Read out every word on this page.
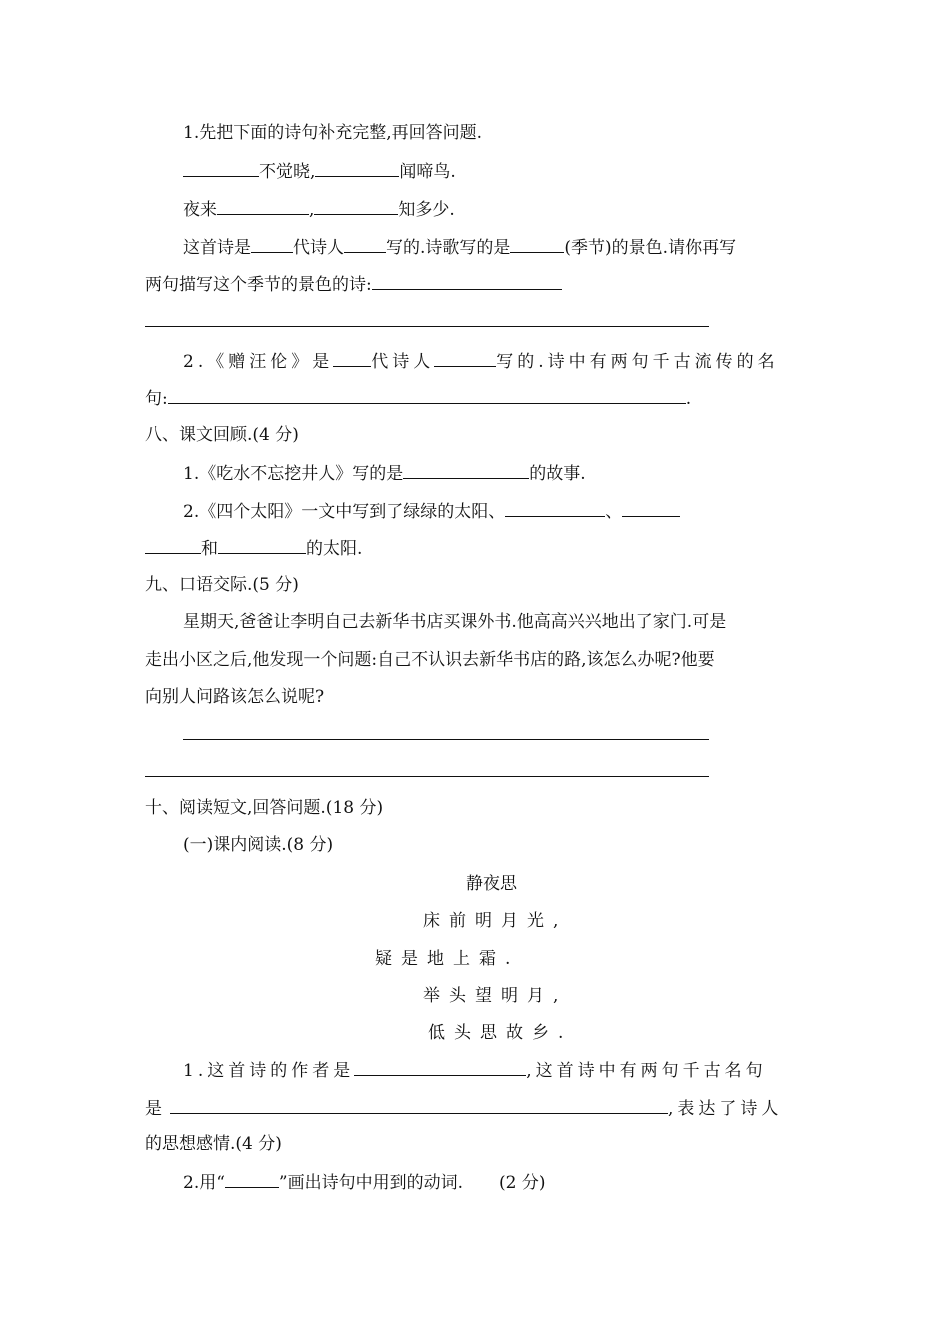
1.先把下面的诗句补充完整,再回答问题.
不觉晓,	闻啼鸟.
夜来	,	知多少.
这首诗是 代诗人 写的.诗歌写的是	(季节)的景色.请你再写
两句描写这个季节的景色的诗:
2.《赠汪伦》是 代诗人	写的.诗中有两句千古流传的名
句:	.
八、课文回顾.(4 分)
1.《吃水不忘挖井人》写的是	的故事.
2.《四个太阳》一文中写到了绿绿的太阳、	、
和	的太阳.
九、口语交际.(5 分)
星期天,爸爸让李明自己去新华书店买课外书.他高高兴兴地出了家门.可是
走出小区之后,他发现一个问题:自己不认识去新华书店的路,该怎么办呢?他要
向别人问路该怎么说呢?
十、阅读短文,回答问题.(18 分)
(一)课内阅读.(8 分)
静夜思
床前明月光,
疑是地上霜.
举头望明月,
低头思故乡.
1.这首诗的作者是	,这首诗中有两句千古名句
是	,表达了诗人
的思想感情.(4 分)
2.用“	”画出诗句中用到的动词. (2 分)
